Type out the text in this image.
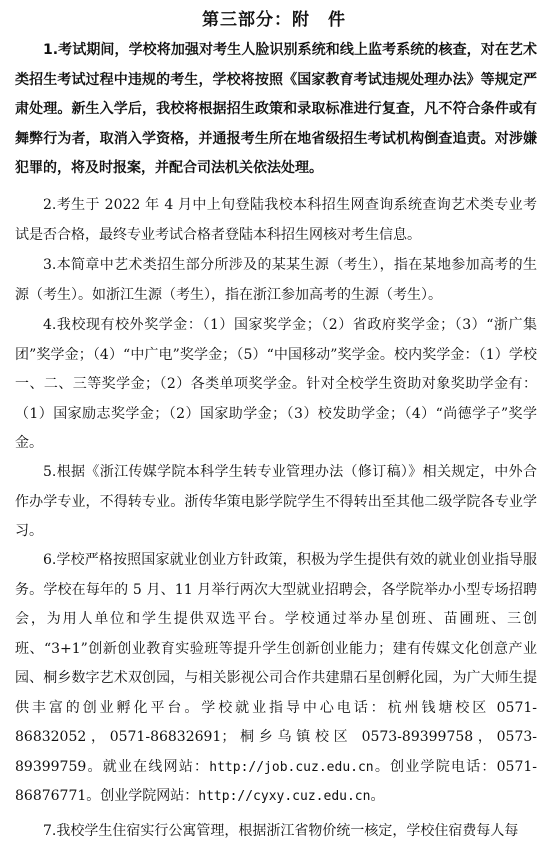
第三部分：附　件

1.考试期间，学校将加强对考生人脸识别系统和线上监考系统的核查，对在艺术类招生考试过程中违规的考生，学校将按照《国家教育考试违规处理办法》等规定严肃处理。新生入学后，我校将根据招生政策和录取标准进行复查，凡不符合条件或有舞弊行为者，取消入学资格，并通报考生所在地省级招生考试机构倒查追责。对涉嫌犯罪的，将及时报案，并配合司法机关依法处理。

2.考生于 2022 年 4 月中上旬登陆我校本科招生网查询系统查询艺术类专业考试是否合格，最终专业考试合格者登陆本科招生网核对考生信息。

3.本简章中艺术类招生部分所涉及的某某生源（考生），指在某地参加高考的生源（考生）。如浙江生源（考生），指在浙江参加高考的生源（考生）。

4.我校现有校外奖学金：（1）国家奖学金；（2）省政府奖学金；（3）“浙广集团”奖学金；（4）“中广电”奖学金；（5）“中国移动”奖学金。校内奖学金：（1）学校一、二、三等奖学金；（2）各类单项奖学金。针对全校学生资助对象奖助学金有：（1）国家励志奖学金；（2）国家助学金；（3）校发助学金；（4）“尚德学子”奖学金。

5.根据《浙江传媒学院本科学生转专业管理办法（修订稿）》相关规定，中外合作办学专业，不得转专业。浙传华策电影学院学生不得转出至其他二级学院各专业学习。

6.学校严格按照国家就业创业方针政策，积极为学生提供有效的就业创业指导服务。学校在每年的 5 月、11 月举行两次大型就业招聘会，各学院举办小型专场招聘会，为用人单位和学生提供双选平台。学校通过举办星创班、苗圃班、三创班、“3+1”创新创业教育实验班等提升学生创新创业能力；建有传媒文化创意产业园、桐乡数字艺术双创园，与相关影视公司合作共建鼎石星创孵化园，为广大师生提供丰富的创业孵化平台。学校就业指导中心电话：杭州钱塘校区 0571-86832052，0571-86832691；桐乡乌镇校区 0573-89399758，0573-89399759。就业在线网站：http://job.cuz.edu.cn。创业学院电话：0571-86876771。创业学院网站：http://cyxy.cuz.edu.cn。

7.我校学生住宿实行公寓管理，根据浙江省物价统一核定，学校住宿费每人每
